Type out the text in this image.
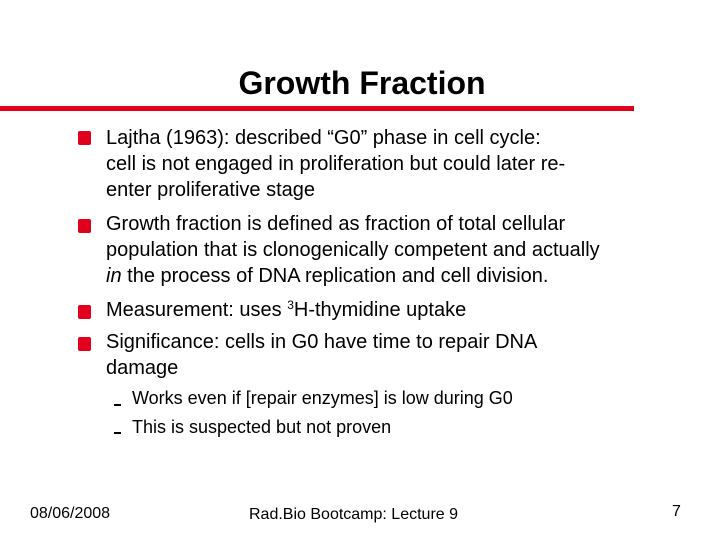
Growth Fraction
Lajtha (1963): described “G0” phase in cell cycle:
cell is not engaged in proliferation but could later re-
enter proliferative stage
Growth fraction is defined as fraction of total cellular
population that is clonogenically competent and actually
in the process of DNA replication and cell division.
Measurement: uses $^3$H-thymidine uptake
Significance: cells in G0 have time to repair DNA
damage
Works even if [repair enzymes] is low during G0
This is suspected but not proven
08/06/2008	Rad.Bio Bootcamp: Lecture 9	7
